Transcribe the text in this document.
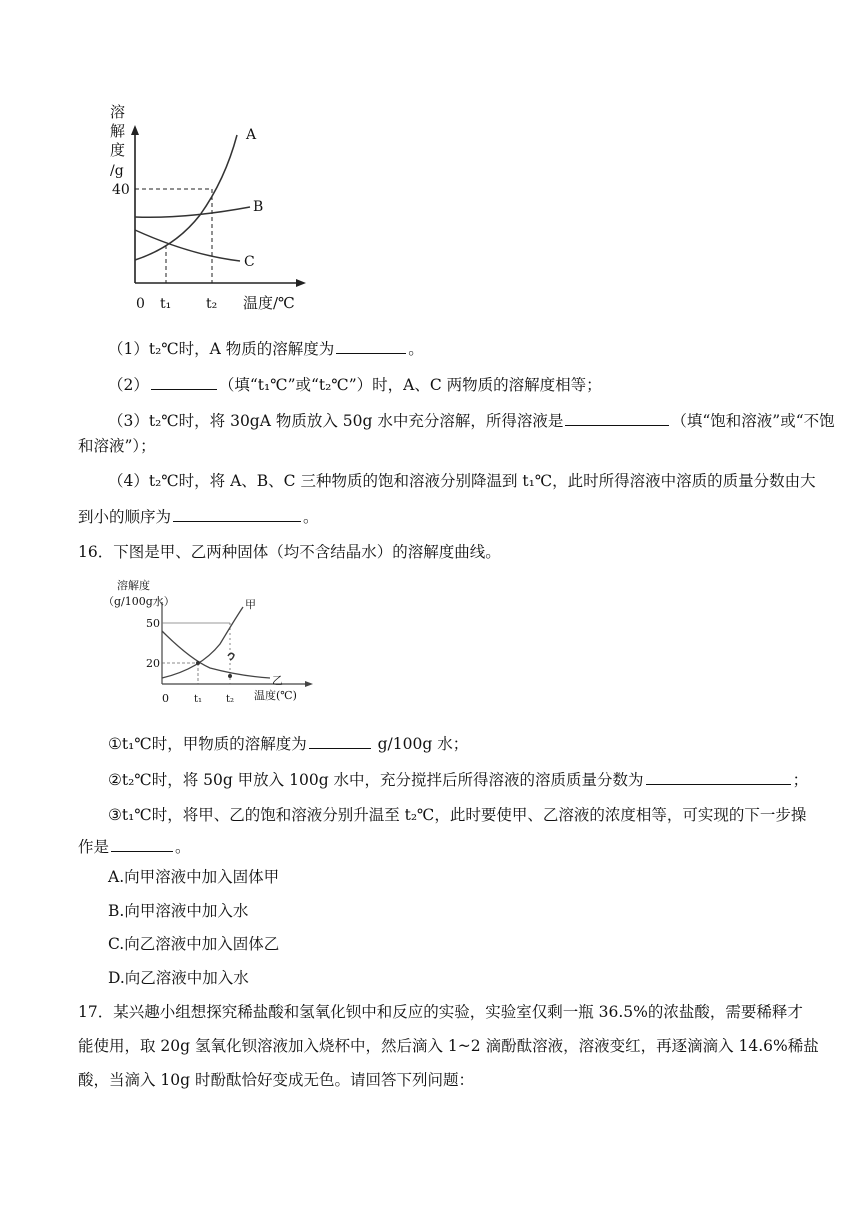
溶
解
度
/g
40
0 t₁ t₂ 温度/℃
A
B
C
（1）t₂℃时，A 物质的溶解度为	。
（2）	（填“t₁℃”或“t₂℃”）时，A、C 两物质的溶解度相等；
（3）t₂℃时，将 30gA 物质放入 50g 水中充分溶解，所得溶液是	（填“饱和溶液”或“不饱
和溶液”）；
（4）t₂℃时，将 A、B、C 三种物质的饱和溶液分别降温到 t₁℃，此时所得溶液中溶质的质量分数由大
到小的顺序为	。
16．下图是甲、乙两种固体（均不含结晶水）的溶解度曲线。
溶解度
（g/100g水）
50
20
0	t₁ t₂ 温度(℃)
甲
乙
①t₁℃时，甲物质的溶解度为	g/100g 水；
②t₂℃时，将 50g 甲放入 100g 水中，充分搅拌后所得溶液的溶质质量分数为	；
③t₁℃时，将甲、乙的饱和溶液分别升温至 t₂℃，此时要使甲、乙溶液的浓度相等，可实现的下一步操
作是	。
A.向甲溶液中加入固体甲
B.向甲溶液中加入水
C.向乙溶液中加入固体乙
D.向乙溶液中加入水
17．某兴趣小组想探究稀盐酸和氢氧化钡中和反应的实验，实验室仅剩一瓶 36.5%的浓盐酸，需要稀释才
能使用，取 20g 氢氧化钡溶液加入烧杯中，然后滴入 1~2 滴酚酞溶液，溶液变红，再逐滴滴入 14.6%稀盐
酸，当滴入 10g 时酚酞恰好变成无色。请回答下列问题：
